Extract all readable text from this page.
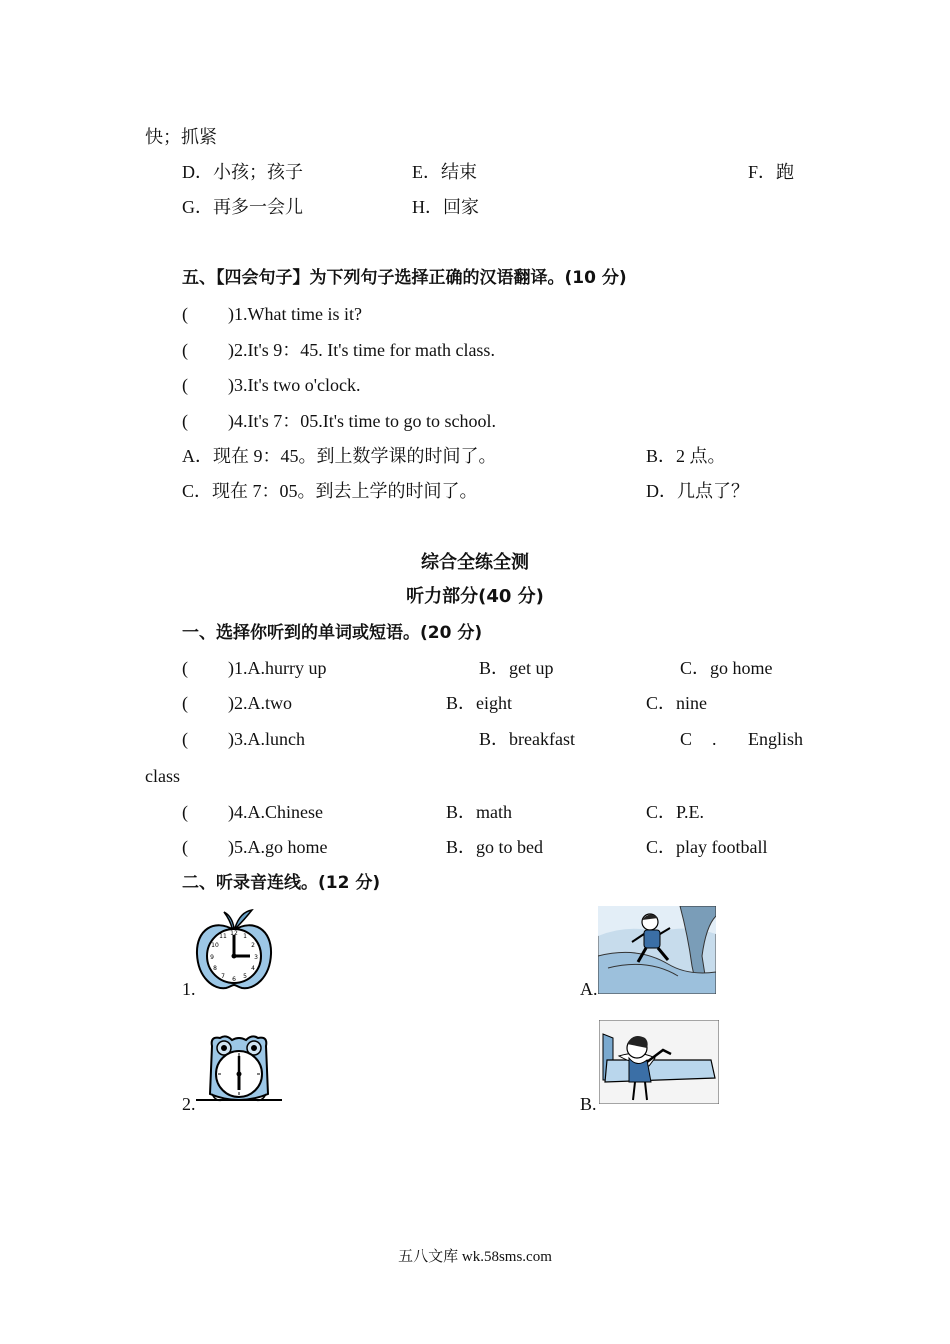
快；抓紧
D．小孩；孩子	E．结束	F．跑
G．再多一会儿	H．回家
五、【四会句子】为下列句子选择正确的汉语翻译。(10 分)
( )1.What time is it?
( )2.It's 9：45. It's time for math class.
( )3.It's two o'clock.
( )4.It's 7：05.It's time to go to school.
A．现在 9：45。到上数学课的时间了。	B．2 点。
C．现在 7：05。到去上学的时间了。	D．几点了？
综合全练全测
听力部分(40 分)
一、选择你听到的单词或短语。(20 分)
( )1.A.hurry up	B．get up	C．go home
( )2.A.two	B．eight	C．nine
( )3.A.lunch	B．breakfast	C . English
class
( )4.A.Chinese	B．math	C．P.E.
( )5.A.go home	B．go to bed	C．play football
二、听录音连线。(12 分)
1.
2.
A.
B.
12
3
6
9
1
2
4
5
7
8
10
11
五八文库 wk.58sms.com
